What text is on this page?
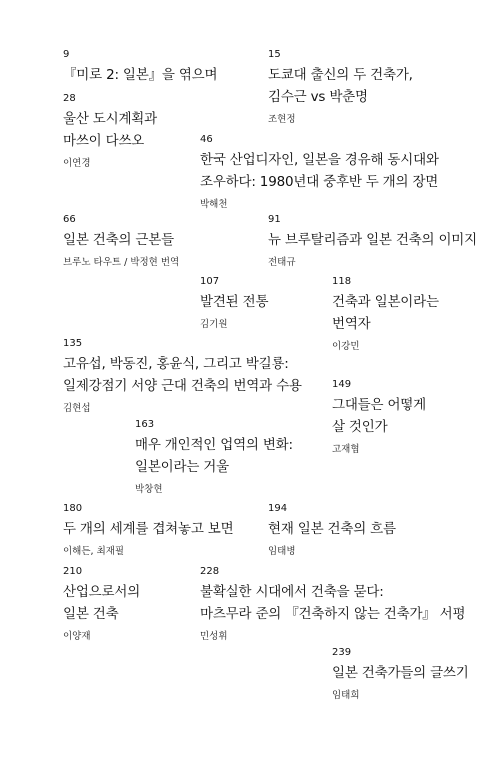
9
『미로 2: 일본』을 엮으며
15
도쿄대 출신의 두 건축가,
김수근 vs 박춘명
조현정
28
울산 도시계획과
마쓰이 다쓰오
이연경
46
한국 산업디자인, 일본을 경유해 동시대와
조우하다: 1980년대 중후반 두 개의 장면
박해천
66
일본 건축의 근본들
브루노 타우트 / 박정현 번역
91
뉴 브루탈리즘과 일본 건축의 이미지
전태규
107
발견된 전통
김기원
118
건축과 일본이라는
번역자
이강민
135
고유섭, 박동진, 홍윤식, 그리고 박길룡:
일제강점기 서양 근대 건축의 번역과 수용
김현섭
149
그대들은 어떻게
살 것인가
고재협
163
매우 개인적인 업역의 변화:
일본이라는 거울
박창현
180
두 개의 세계를 겹쳐놓고 보면
이해든, 최재필
194
현재 일본 건축의 흐름
임태병
210
산업으로서의
일본 건축
이양재
228
불확실한 시대에서 건축을 묻다:
마츠무라 준의 『건축하지 않는 건축가』 서평
민성휘
239
일본 건축가들의 글쓰기
임태희
